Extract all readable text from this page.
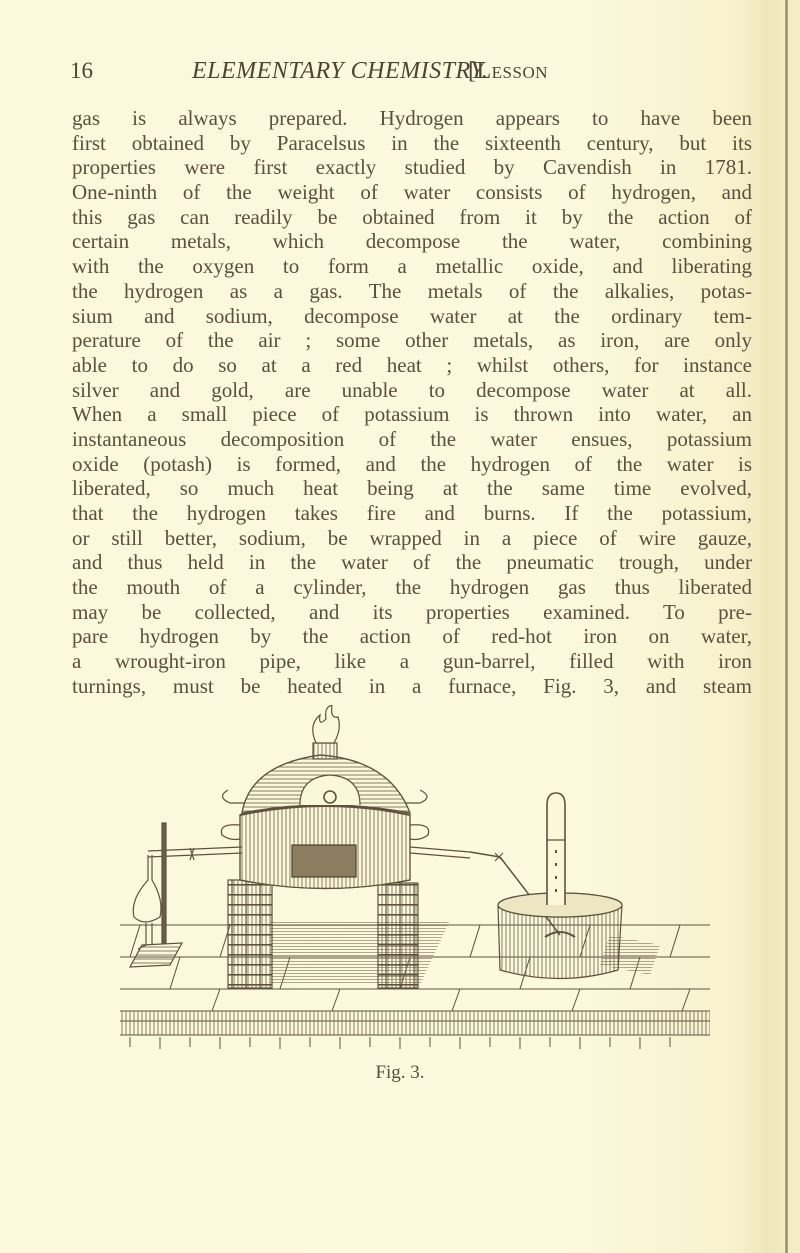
16	ELEMENTARY CHEMISTRY.
[Lesson
gas is always prepared. Hydrogen appears to have been
first obtained by Paracelsus in the sixteenth century, but its
properties were first exactly studied by Cavendish in 1781.
One-ninth of the weight of water consists of hydrogen, and
this gas can readily be obtained from it by the action of
certain metals, which decompose the water, combining
with the oxygen to form a metallic oxide, and liberating
the hydrogen as a gas. The metals of the alkalies, potas-
sium and sodium, decompose water at the ordinary tem-
perature of the air ; some other metals, as iron, are only
able to do so at a red heat ; whilst others, for instance
silver and gold, are unable to decompose water at all.
When a small piece of potassium is thrown into water, an
instantaneous decomposition of the water ensues, potassium
oxide (potash) is formed, and the hydrogen of the water is
liberated, so much heat being at the same time evolved,
that the hydrogen takes fire and burns. If the potassium,
or still better, sodium, be wrapped in a piece of wire gauze,
and thus held in the water of the pneumatic trough, under
the mouth of a cylinder, the hydrogen gas thus liberated
may be collected, and its properties examined. To pre-
pare hydrogen by the action of red-hot iron on water,
a wrought-iron pipe, like a gun-barrel, filled with iron
turnings, must be heated in a furnace, Fig. 3, and steam
Fig. 3.
